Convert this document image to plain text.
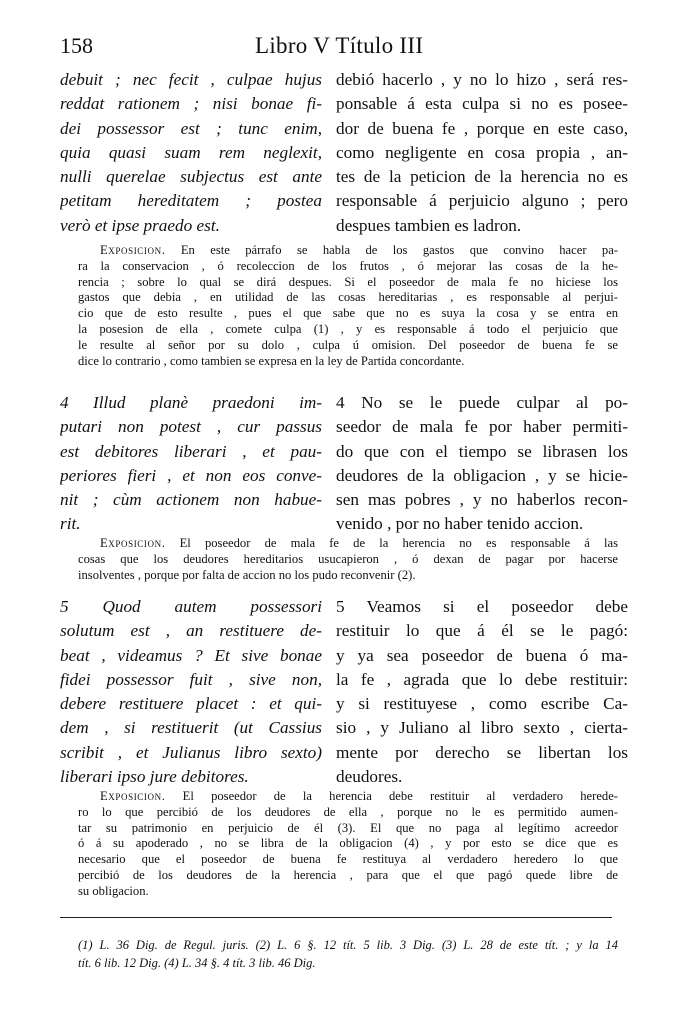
158	Libro V Título III
debuit ; nec fecit , culpae hujus
reddat rationem ; nisi bonae fi-
dei possessor est ; tunc enim,
quia quasi suam rem neglexit,
nulli querelae subjectus est ante
petitam hereditatem ; postea
verò et ipse praedo est.
debió hacerlo , y no lo hizo , será res-
ponsable á esta culpa si no es posee-
dor de buena fe , porque en este caso,
como negligente en cosa propia , an-
tes de la peticion de la herencia no es
responsable á perjuicio alguno ; pero
despues tambien es ladron.
Exposicion. En este párrafo se habla de los gastos que convino hacer pa-
ra la conservacion , ó recoleccion de los frutos , ó mejorar las cosas de la he-
rencia ; sobre lo qual se dirá despues. Si el poseedor de mala fe no hiciese los
gastos que debia , en utilidad de las cosas hereditarias , es responsable al perjui-
cio que de esto resulte , pues el que sabe que no es suya la cosa y se entra en
la posesion de ella , comete culpa (1) , y es responsable á todo el perjuicio que
le resulte al señor por su dolo , culpa ú omision. Del poseedor de buena fe se
dice lo contrario , como tambien se expresa en la ley de Partida concordante.
4 Illud planè praedoni im-
putari non potest , cur passus
est debitores liberari , et pau-
periores fieri , et non eos conve-
nit ; cùm actionem non habue-
rit.
4 No se le puede culpar al po-
seedor de mala fe por haber permiti-
do que con el tiempo se librasen los
deudores de la obligacion , y se hicie-
sen mas pobres , y no haberlos recon-
venido , por no haber tenido accion.
Exposicion. El poseedor de mala fe de la herencia no es responsable á las
cosas que los deudores hereditarios usucapieron , ó dexan de pagar por hacerse
insolventes , porque por falta de accion no los pudo reconvenir (2).
5 Quod autem possessori
solutum est , an restituere de-
beat , videamus ? Et sive bonae
fidei possessor fuit , sive non,
debere restituere placet : et qui-
dem , si restituerit (ut Cassius
scribit , et Julianus libro sexto)
liberari ipso jure debitores.
5 Veamos si el poseedor debe
restituir lo que á él se le pagó:
y ya sea poseedor de buena ó ma-
la fe , agrada que lo debe restituir:
y si restituyese , como escribe Ca-
sio , y Juliano al libro sexto , cierta-
mente por derecho se libertan los
deudores.
Exposicion. El poseedor de la herencia debe restituir al verdadero herede-
ro lo que percibió de los deudores de ella , porque no le es permitido aumen-
tar su patrimonio en perjuicio de él (3). El que no paga al legítimo acreedor
ó á su apoderado , no se libra de la obligacion (4) , y por esto se dice que es
necesario que el poseedor de buena fe restituya al verdadero heredero lo que
percibió de los deudores de la herencia , para que el que pagó quede libre de
su obligacion.
(1) L. 36 Dig. de Regul. juris. (2) L. 6 §. 12 tít. 5 lib. 3 Dig. (3) L. 28 de este tít. ; y la 14
tít. 6 lib. 12 Dig. (4) L. 34 §. 4 tít. 3 lib. 46 Dig.
